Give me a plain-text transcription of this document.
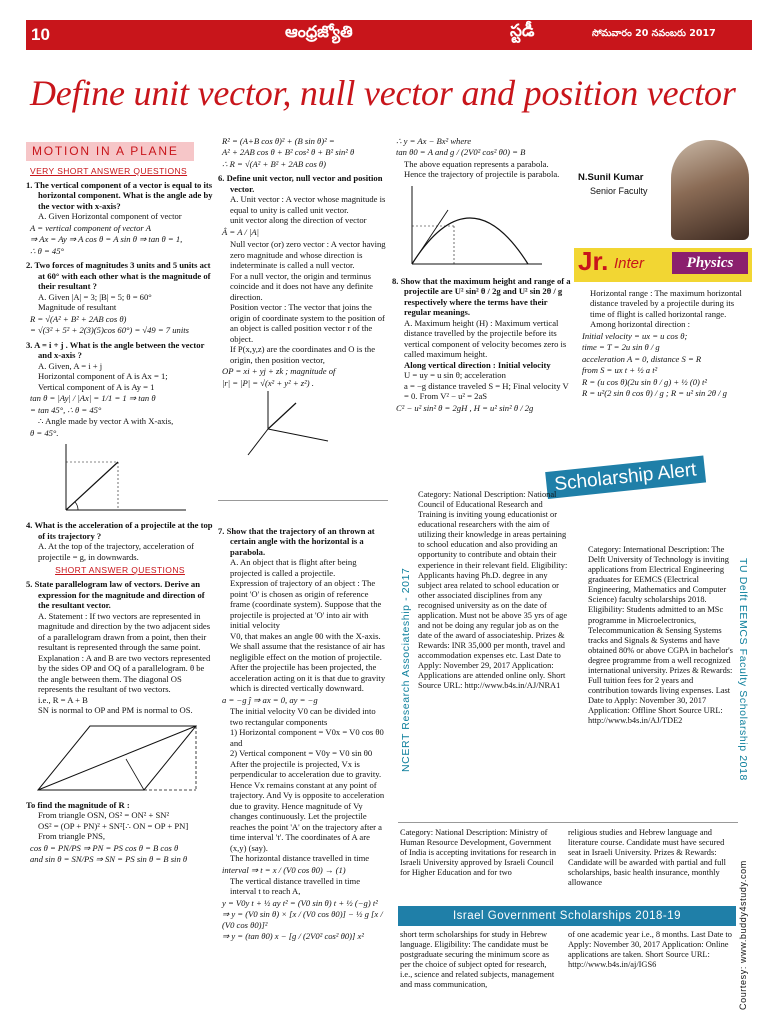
10	ఆంధ్రజ్యోతి	స్టడీ	సోమవారం 20 నవంబరు 2017
Define unit vector, null vector and position vector
MOTION IN A PLANE
VERY SHORT ANSWER QUESTIONS
1. The vertical component of a vector is equal to its horizontal component. What is the angle ade by the vector with x-axis?
A. Given Horizontal component of vector
A = vertical component of vector A
⇒ Ax = Ay ⇒ A cos θ = A sin θ ⇒ tan θ = 1,
∴ θ = 45°
2. Two forces of magnitudes 3 units and 5 units act at 60° with each other what is the magnitude of their resultant ?
A. Given |A| = 3; |B| = 5; θ = 60°
Magnitude of resultant
R = √(A² + B² + 2AB cos θ)
= √(3² + 5² + 2(3)(5)cos 60°) = √49 = 7 units
3. A = i + j . What is the angle between the vector and x-axis ?
A. Given, A = i + j
Horizontal component of A is Ax = 1;
Vertical component of A is Ay = 1
tan θ = |Ay| / |Ax| = 1/1 = 1 ⇒ tan θ
= tan 45°, ∴ θ = 45°
∴ Angle made by vector A with X-axis,
θ = 45°.
4. What is the acceleration of a projectile at the top of its trajectory ?
A. At the top of the trajectory, acceleration of projectile = g, in downwards.
SHORT ANSWER QUESTIONS
5. State parallelogram law of vectors. Derive an expression for the magnitude and direction of the resultant vector.
A. Statement : If two vectors are represented in magnitude and direction by the two adjacent sides of a parallelogram drawn from a point, then their resultant is represented through the same point.
Explanation : A and B are two vectors represented by the sides OP and OQ of a parallelogram. θ be the angle between them. The diagonal OS represents the resultant of two vectors.
i.e., R = A + B
SN is normal to OP and PM is normal to OS.
To find the magnitude of R :
From triangle OSN, OS² = ON² + SN²
OS² = (OP + PN)² + SN²[∴ ON = OP + PN]
From triangle PNS,
cos θ = PN/PS ⇒ PN = PS cos θ = B cos θ
and sin θ = SN/PS ⇒ SN = PS sin θ = B sin θ
R² = (A+B cos θ)² + (B sin θ)² =
A² + 2AB cos θ + B² cos² θ + B² sin² θ
∴ R = √(A² + B² + 2AB cos θ)
6. Define unit vector, null vector and position vector.
A. Unit vector : A vector whose magnitude is equal to unity is called unit vector.
unit vector along the direction of vector
Â = A / |A|
Null vector (or) zero vector : A vector having zero magnitude and whose direction is indeterminate is called a null vector.
For a null vector, the origin and terminus coincide and it does not have any definite direction.
Position vector : The vector that joins the origin of coordinate system to the position of an object is called position vector r of the object.
If P(x,y,z) are the coordinates and O is the origin, then position vector,
OP = xi + yj + zk ; magnitude of
|r| = |P| = √(x² + y² + z²) .
7. Show that the trajectory of an thrown at certain angle with the horizontal is a parabola.
A. An object that is flight after being projected is called a projectile.
Expression of trajectory of an object : The point 'O' is chosen as origin of reference frame (coordinate system). Suppose that the projectile is projected at 'O' into air with initial velocity
V0, that makes an angle θ0 with the X-axis. We shall assume that the resistance of air has negligible effect on the motion of projectile.
After the projectile has been projected, the acceleration acting on it is that due to gravity which is directed vertically downward.
a = −g ĵ ⇒ ax = 0, ay = −g
The initial velocity V0 can be divided into two rectangular components
1) Horizontal component = V0x = V0 cos θ0 and
2) Vertical component = V0y = V0 sin θ0
After the projectile is projected, Vx is perpendicular to acceleration due to gravity. Hence Vx remains constant at any point of trajectory. And Vy is opposite to acceleration due to gravity. Hence magnitude of Vy changes continuously. Let the projectile reaches the point 'A' on the trajectory after a time interval 't'. The coordinates of A are (x,y) (say).
The horizontal distance travelled in time
interval ⇒ t = x / (V0 cos θ0) → (1)
The vertical distance travelled in time interval t to reach A,
y = V0y t + ½ ay t² = (V0 sin θ) t + ½ (−g) t²
⇒ y = (V0 sin θ) × [x / (V0 cos θ0)] − ½ g [x / (V0 cos θ0)]²
⇒ y = (tan θ0) x − [g / (2V0² cos² θ0)] x²
∴ y = Ax − Bx² where
tan θ0 = A and g / (2V0² cos² θ0) = B
The above equation represents a parabola. Hence the trajectory of projectile is parabola.
8. Show that the maximum height and range of a projectile are U² sin² θ / 2g and U² sin 2θ / g respectively where the terms have their regular meanings.
A. Maximum height (H) : Maximum vertical distance travelled by the projectile before its vertical component of velocity becomes zero is called maximum height.
Along vertical direction : Initial velocity
U = uy = u sin θ; acceleration
a = −g distance traveled S = H; Final velocity V = 0. From V² − u² = 2aS
C² − u² sin² θ = 2gH , H = u² sin² θ / 2g
N.Sunil Kumar
Senior Faculty
Jr. Inter	Physics
Horizontal range : The maximum horizontal distance traveled by a projectile during its time of flight is called horizontal range.
Among horizontal direction :
Initial velocity = ux = u cos θ;
time = T = 2u sin θ / g
acceleration A = 0, distance S = R
from S = ux t + ½ a t²
R = (u cos θ)(2u sin θ / g) + ½ (0) t²
R = u²(2 sin θ cos θ) / g ; R = u² sin 2θ / g
Scholarship Alert
NCERT Research Associateship - 2017	TU Delft EEMCS Faculty Scholarship 2018
Courtesy: www.buddy4study.com
Category: National Description: National Council of Educational Research and Training is inviting young educationist or educational researchers with the aim of utilizing their knowledge in areas pertaining to school education and also providing an opportunity to contribute and obtain their experience in their relevant field. Eligibility: Applicants having Ph.D. degree in any subject area related to school education or other associated disciplines from any recognised university as on the date of application. Must not be above 35 yrs of age and not be doing any regular job as on the date of the award of associateship. Prizes & Rewards: INR 35,000 per month, travel and accommodation expenses etc. Last Date to Apply: November 29, 2017 Application: Applications are attended online only. Short Source URL: http://www.b4s.in/AJ/NRA1
Category: International Description: The Delft University of Technology is inviting applications from Electrical Engineering graduates for EEMCS (Electrical Engineering, Mathematics and Computer Science) faculty scholarships 2018. Eligibility: Students admitted to an MSc programme in Microelectronics, Telecommunication & Sensing Systems tracks and Signals & Systems and have obtained 80% or above CGPA in bachelor's degree programme from a well recognized international university. Prizes & Rewards: Full tuition fees for 2 years and contribution towards living expenses. Last Date to Apply: November 30, 2017 Application: Offline Short Source URL: http://www.b4s.in/AJ/TDE2
Category: National Description: Ministry of Human Resource Development, Government of India is accepting invitations for research in Israeli University approved by Israeli Council for Higher Education and for two
religious studies and Hebrew language and literature course. Candidate must have secured seat in Israeli University. Prizes & Rewards: Candidate will be awarded with partial and full scholarships, basic health insurance, monthly allowance
Israel Government Scholarships 2018-19
short term scholarships for study in Hebrew language. Eligibility: The candidate must be postgraduate securing the minimum score as per the choice of subject opted for research, i.e., science and related subjects, management and mass communication,
of one academic year i.e., 8 months. Last Date to Apply: November 30, 2017 Application: Online applications are taken. Short Source URL: http://www.b4s.in/aj/IGS6
